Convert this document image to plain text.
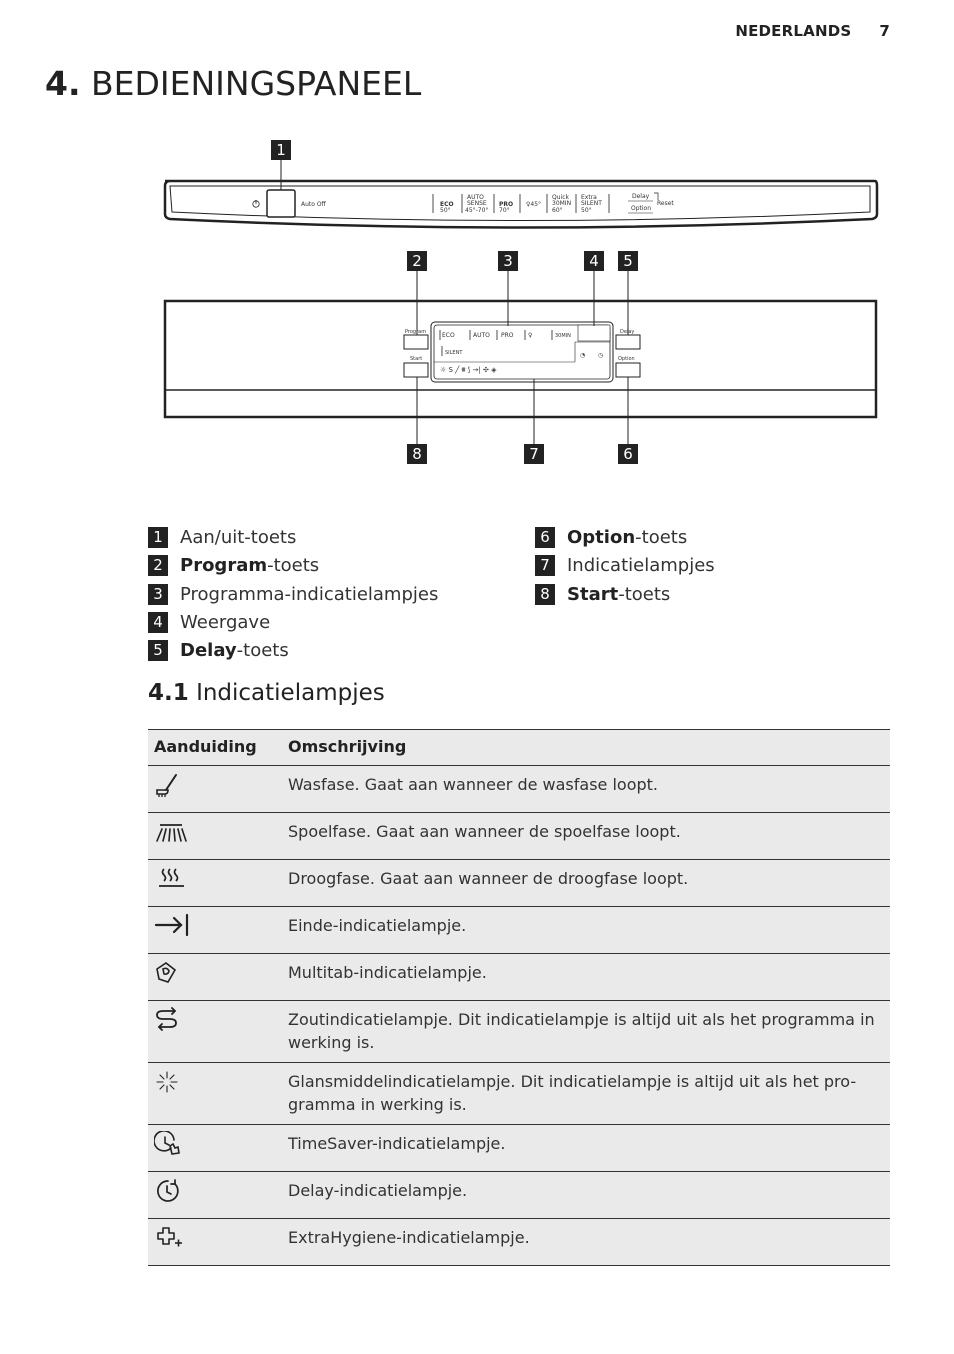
NEDERLANDS 7
4. BEDIENINGSPANEEL
Auto Off	ECO
50°
AUTO
SENSE
45°-70°
PRO
70°
♀45°
Quick
30MIN
60°
Extra
SILENT
50°
Delay
Option
Reset
ECO	AUTO PRO ♀	30MIN
SILENT	◔ ◷
☼ S ╱ ⩩ ⟆ →| ✣ ◈
Program
Start
Delay
Option
1
2	3	4 5
6
7
8
1 Aan/uit-toets
2 Program-toets
3 Programma-indicatielampjes
4 Weergave
5 Delay-toets
6 Option-toets
7 Indicatielampjes
8 Start-toets
4.1 Indicatielampjes
Aanduiding	Omschrijving

	Wasfase. Gaat aan wanneer de wasfase loopt.

	Spoelfase. Gaat aan wanneer de spoelfase loopt.

	Droogfase. Gaat aan wanneer de droogfase loopt.

	Einde-indicatielampje.

	Multitab-indicatielampje.

	Zoutindicatielampje. Dit indicatielampje is altijd uit als het programma in werking is.

	Glansmiddelindicatielampje. Dit indicatielampje is altijd uit als het pro-gramma in werking is.

	TimeSaver-indicatielampje.

	Delay-indicatielampje.

	ExtraHygiene-indicatielampje.
